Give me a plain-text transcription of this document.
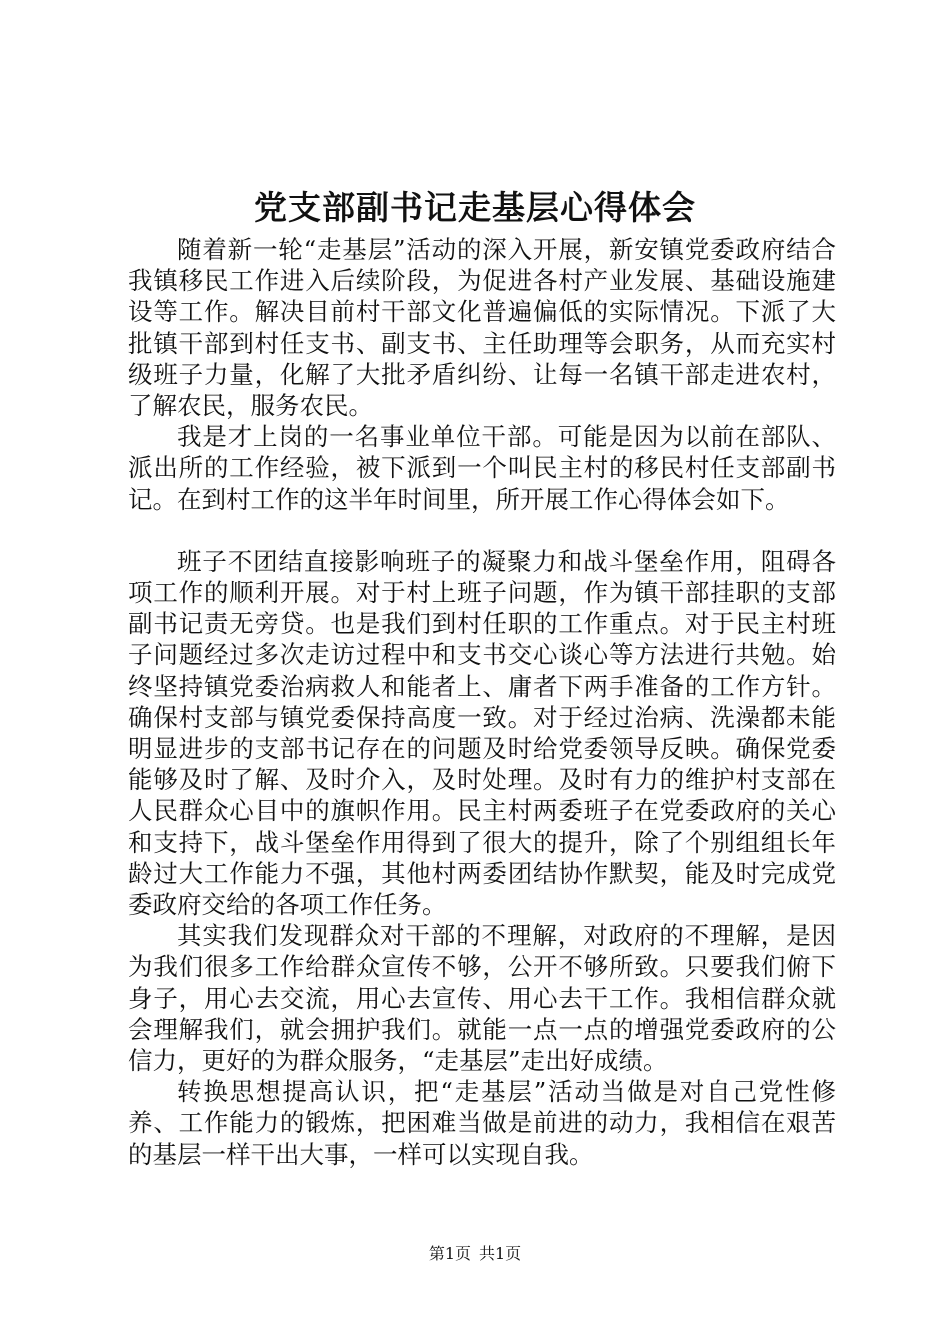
党支部副书记走基层心得体会

随着新一轮“走基层”活动的深入开展，新安镇党委政府结合我镇移民工作进入后续阶段，为促进各村产业发展、基础设施建设等工作。解决目前村干部文化普遍偏低的实际情况。下派了大批镇干部到村任支书、副支书、主任助理等会职务，从而充实村级班子力量，化解了大批矛盾纠纷、让每一名镇干部走进农村，了解农民，服务农民。

我是才上岗的一名事业单位干部。可能是因为以前在部队、派出所的工作经验，被下派到一个叫民主村的移民村任支部副书记。在到村工作的这半年时间里，所开展工作心得体会如下。

班子不团结直接影响班子的凝聚力和战斗堡垒作用，阻碍各项工作的顺利开展。对于村上班子问题，作为镇干部挂职的支部副书记责无旁贷。也是我们到村任职的工作重点。对于民主村班子问题经过多次走访过程中和支书交心谈心等方法进行共勉。始终坚持镇党委治病救人和能者上、庸者下两手准备的工作方针。确保村支部与镇党委保持高度一致。对于经过治病、洗澡都未能明显进步的支部书记存在的问题及时给党委领导反映。确保党委能够及时了解、及时介入，及时处理。及时有力的维护村支部在人民群众心目中的旗帜作用。民主村两委班子在党委政府的关心和支持下，战斗堡垒作用得到了很大的提升，除了个别组组长年龄过大工作能力不强，其他村两委团结协作默契，能及时完成党委政府交给的各项工作任务。

其实我们发现群众对干部的不理解，对政府的不理解，是因为我们很多工作给群众宣传不够，公开不够所致。只要我们俯下身子，用心去交流，用心去宣传、用心去干工作。我相信群众就会理解我们，就会拥护我们。就能一点一点的增强党委政府的公信力，更好的为群众服务，“走基层”走出好成绩。

转换思想提高认识，把“走基层”活动当做是对自己党性修养、工作能力的锻炼，把困难当做是前进的动力，我相信在艰苦的基层一样干出大事，一样可以实现自我。

第1页 共1页
